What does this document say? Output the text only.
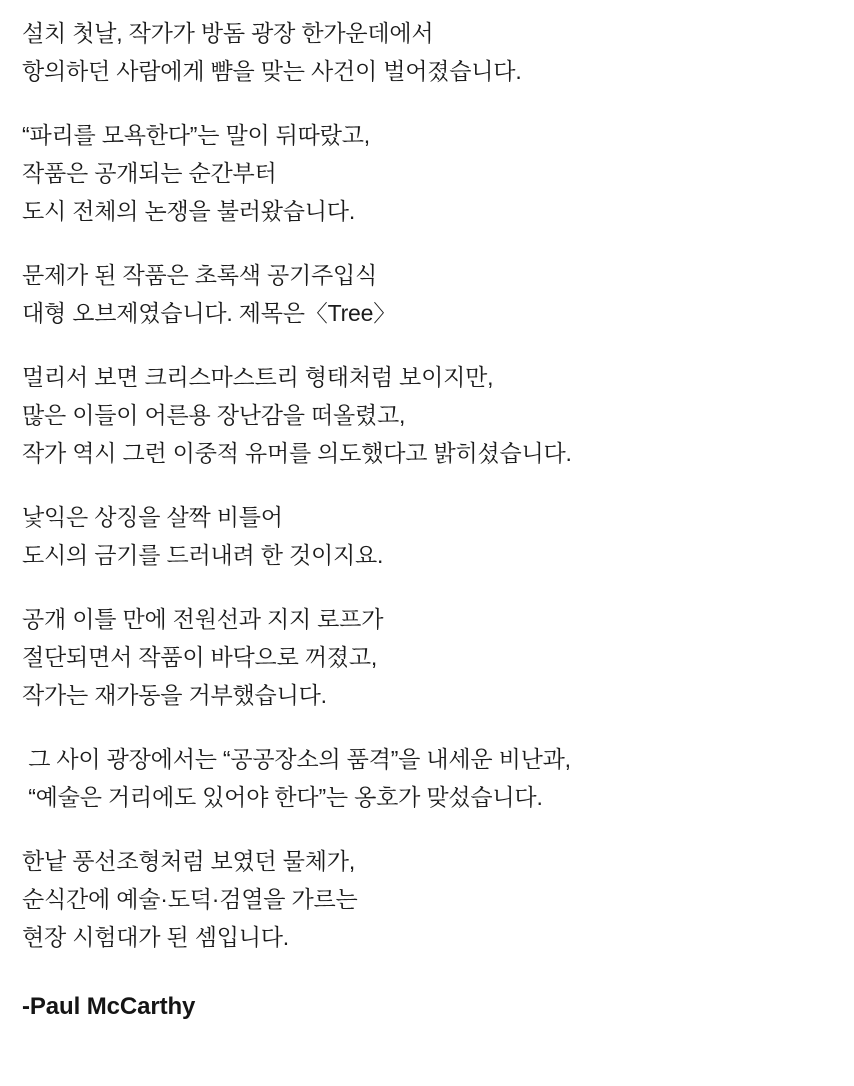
설치 첫날, 작가가 방돔 광장 한가운데에서
항의하던 사람에게 뺨을 맞는 사건이 벌어졌습니다.
“파리를 모욕한다”는 말이 뒤따랐고,
작품은 공개되는 순간부터
도시 전체의 논쟁을 불러왔습니다.
문제가 된 작품은 초록색 공기주입식
대형 오브제였습니다. 제목은〈Tree〉
멀리서 보면 크리스마스트리 형태처럼 보이지만,
많은 이들이 어른용 장난감을 떠올렸고,
작가 역시 그런 이중적 유머를 의도했다고 밝히셨습니다.
낯익은 상징을 살짝 비틀어
도시의 금기를 드러내려 한 것이지요.
공개 이틀 만에 전원선과 지지 로프가
절단되면서 작품이 바닥으로 꺼졌고,
작가는 재가동을 거부했습니다.
그 사이 광장에서는 “공공장소의 품격”을 내세운 비난과,
“예술은 거리에도 있어야 한다”는 옹호가 맞섰습니다.
한낱 풍선조형처럼 보였던 물체가,
순식간에 예술·도덕·검열을 가르는
현장 시험대가 된 셈입니다.
-Paul McCarthy
